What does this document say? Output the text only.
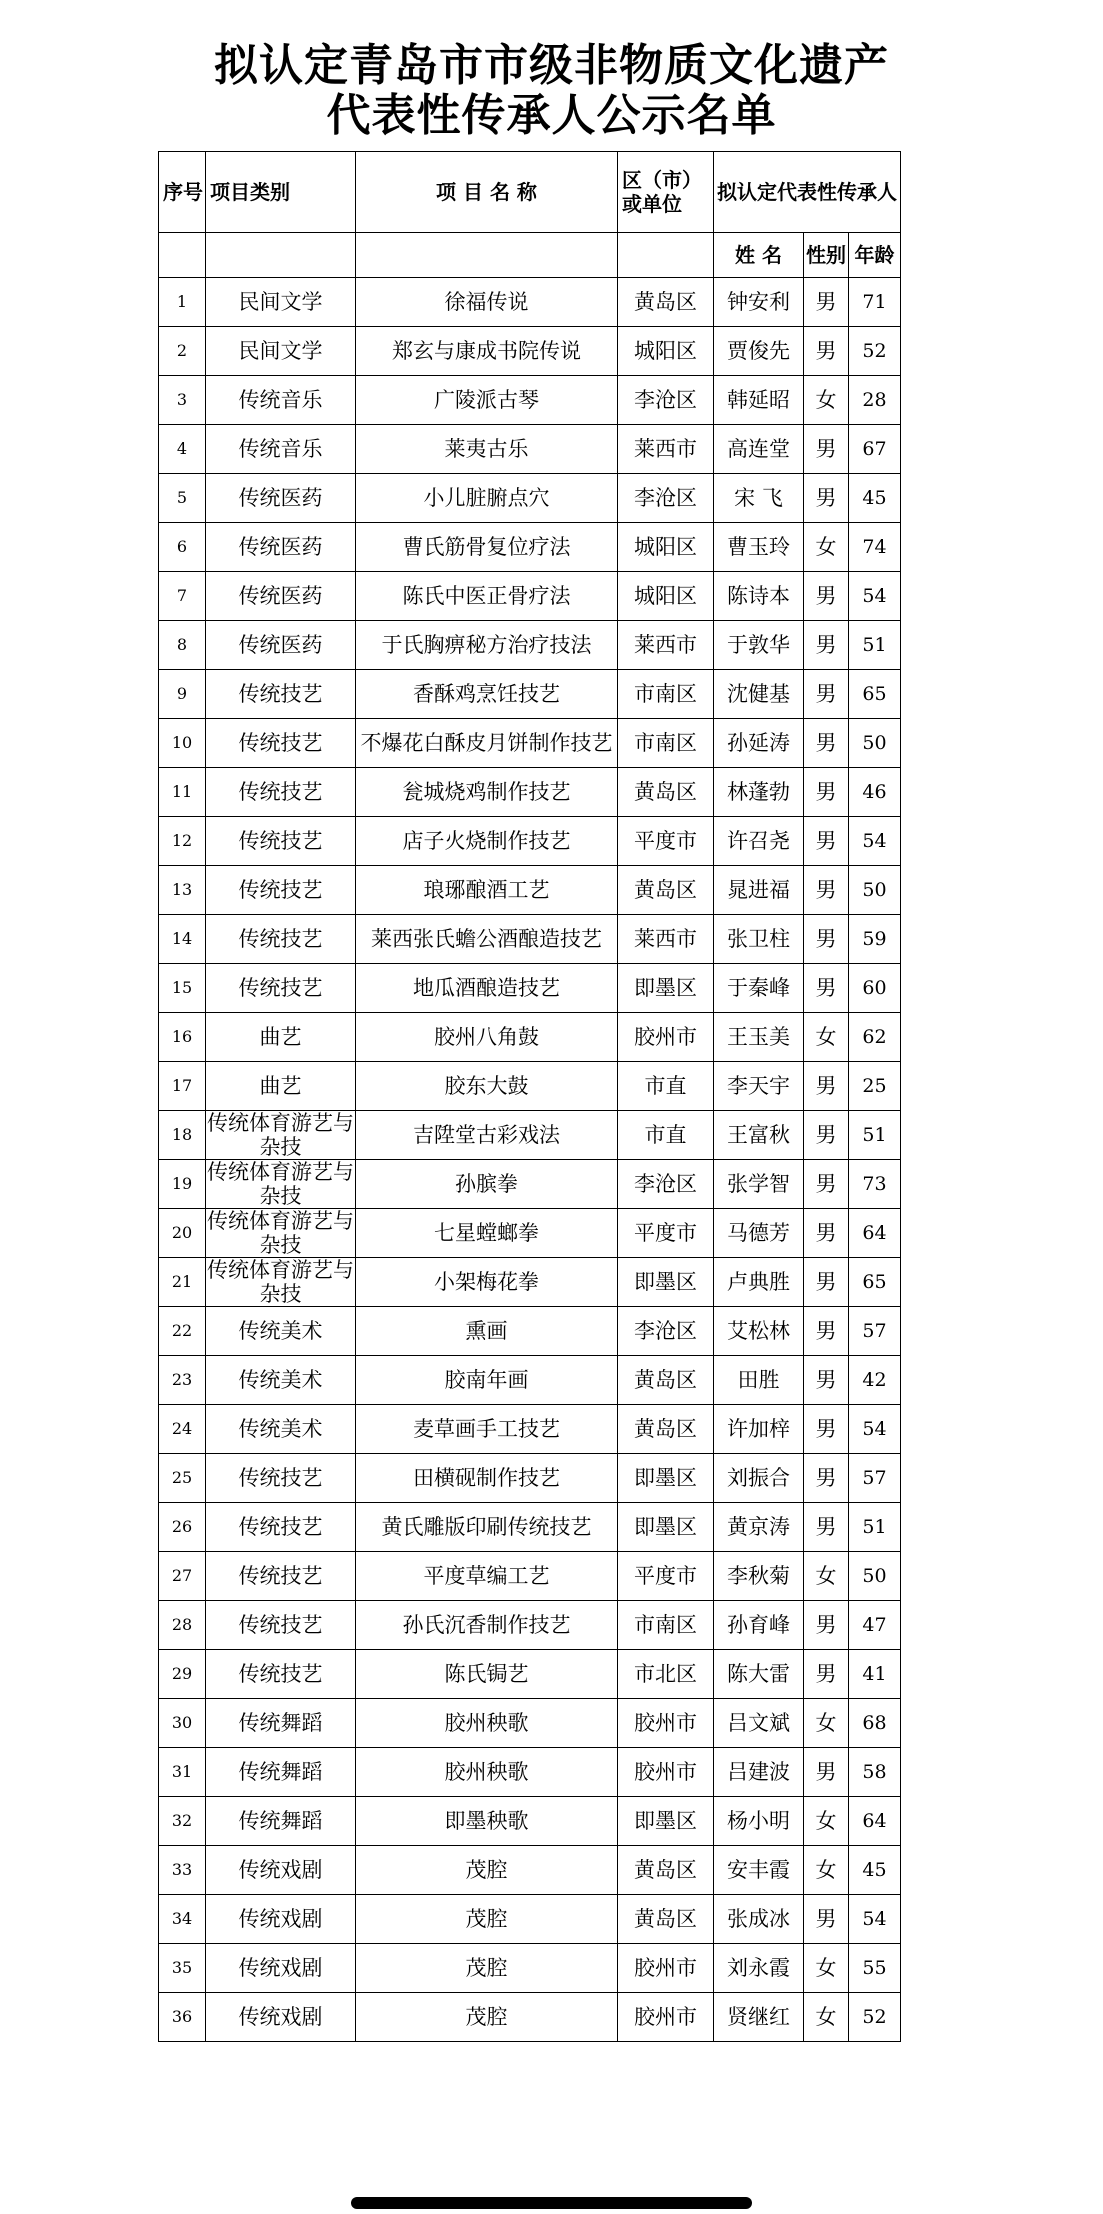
拟认定青岛市市级非物质文化遗产
代表性传承人公示名单
序号	项目类别	项 目 名 称	区（市）或单位	拟认定代表性传承人		
				姓 名	性别	年龄
1	民间文学	徐福传说	黄岛区	钟安利	男	71
2	民间文学	郑玄与康成书院传说	城阳区	贾俊先	男	52
3	传统音乐	广陵派古琴	李沧区	韩延昭	女	28
4	传统音乐	莱夷古乐	莱西市	高连堂	男	67
5	传统医药	小儿脏腑点穴	李沧区	宋 飞	男	45
6	传统医药	曹氏筋骨复位疗法	城阳区	曹玉玲	女	74
7	传统医药	陈氏中医正骨疗法	城阳区	陈诗本	男	54
8	传统医药	于氏胸痹秘方治疗技法	莱西市	于敦华	男	51
9	传统技艺	香酥鸡烹饪技艺	市南区	沈健基	男	65
10	传统技艺	不爆花白酥皮月饼制作技艺	市南区	孙延涛	男	50
11	传统技艺	瓮城烧鸡制作技艺	黄岛区	林蓬勃	男	46
12	传统技艺	店子火烧制作技艺	平度市	许召尧	男	54
13	传统技艺	琅琊酿酒工艺	黄岛区	晁进福	男	50
14	传统技艺	莱西张氏蟾公酒酿造技艺	莱西市	张卫柱	男	59
15	传统技艺	地瓜酒酿造技艺	即墨区	于秦峰	男	60
16	曲艺	胶州八角鼓	胶州市	王玉美	女	62
17	曲艺	胶东大鼓	市直	李天宇	男	25
18	传统体育游艺与杂技	吉陞堂古彩戏法	市直	王富秋	男	51
19	传统体育游艺与杂技	孙膑拳	李沧区	张学智	男	73
20	传统体育游艺与杂技	七星螳螂拳	平度市	马德芳	男	64
21	传统体育游艺与杂技	小架梅花拳	即墨区	卢典胜	男	65
22	传统美术	熏画	李沧区	艾松林	男	57
23	传统美术	胶南年画	黄岛区	田胜	男	42
24	传统美术	麦草画手工技艺	黄岛区	许加梓	男	54
25	传统技艺	田横砚制作技艺	即墨区	刘振合	男	57
26	传统技艺	黄氏雕版印刷传统技艺	即墨区	黄京涛	男	51
27	传统技艺	平度草编工艺	平度市	李秋菊	女	50
28	传统技艺	孙氏沉香制作技艺	市南区	孙育峰	男	47
29	传统技艺	陈氏锔艺	市北区	陈大雷	男	41
30	传统舞蹈	胶州秧歌	胶州市	吕文斌	女	68
31	传统舞蹈	胶州秧歌	胶州市	吕建波	男	58
32	传统舞蹈	即墨秧歌	即墨区	杨小明	女	64
33	传统戏剧	茂腔	黄岛区	安丰霞	女	45
34	传统戏剧	茂腔	黄岛区	张成冰	男	54
35	传统戏剧	茂腔	胶州市	刘永霞	女	55
36	传统戏剧	茂腔	胶州市	贤继红	女	52
